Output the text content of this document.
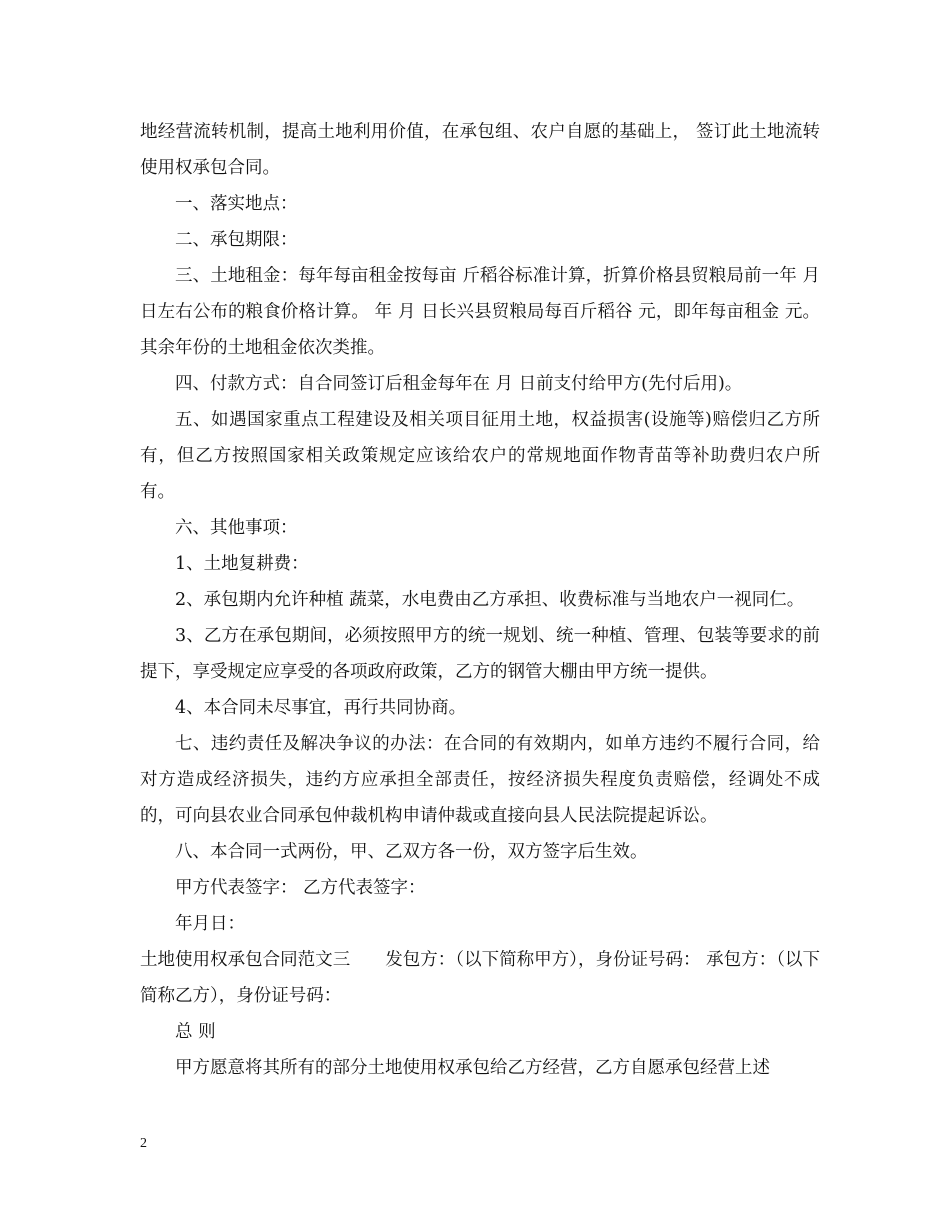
地经营流转机制，提高土地利用价值，在承包组、农户自愿的基础上， 签订此土地流转使用权承包合同。

一、落实地点：

二、承包期限：

三、土地租金：每年每亩租金按每亩 斤稻谷标准计算，折算价格县贸粮局前一年 月 日左右公布的粮食价格计算。 年 月 日长兴县贸粮局每百斤稻谷 元，即年每亩租金 元。其余年份的土地租金依次类推。

四、付款方式：自合同签订后租金每年在 月 日前支付给甲方(先付后用)。

五、如遇国家重点工程建设及相关项目征用土地，权益损害(设施等)赔偿归乙方所有，但乙方按照国家相关政策规定应该给农户的常规地面作物青苗等补助费归农户所有。

六、其他事项：

1、土地复耕费：

2、承包期内允许种植 蔬菜，水电费由乙方承担、收费标准与当地农户一视同仁。

3、乙方在承包期间，必须按照甲方的统一规划、统一种植、管理、包装等要求的前提下，享受规定应享受的各项政府政策，乙方的钢管大棚由甲方统一提供。

4、本合同未尽事宜，再行共同协商。

七、违约责任及解决争议的办法：在合同的有效期内，如单方违约不履行合同，给对方造成经济损失，违约方应承担全部责任，按经济损失程度负责赔偿，经调处不成的，可向县农业合同承包仲裁机构申请仲裁或直接向县人民法院提起诉讼。

八、本合同一式两份，甲、乙双方各一份，双方签字后生效。

甲方代表签字： 乙方代表签字：

年月日：

土地使用权承包合同范文三　　发包方：（以下简称甲方），身份证号码： 承包方：（以下简称乙方），身份证号码：

总 则

甲方愿意将其所有的部分土地使用权承包给乙方经营，乙方自愿承包经营上述

2
